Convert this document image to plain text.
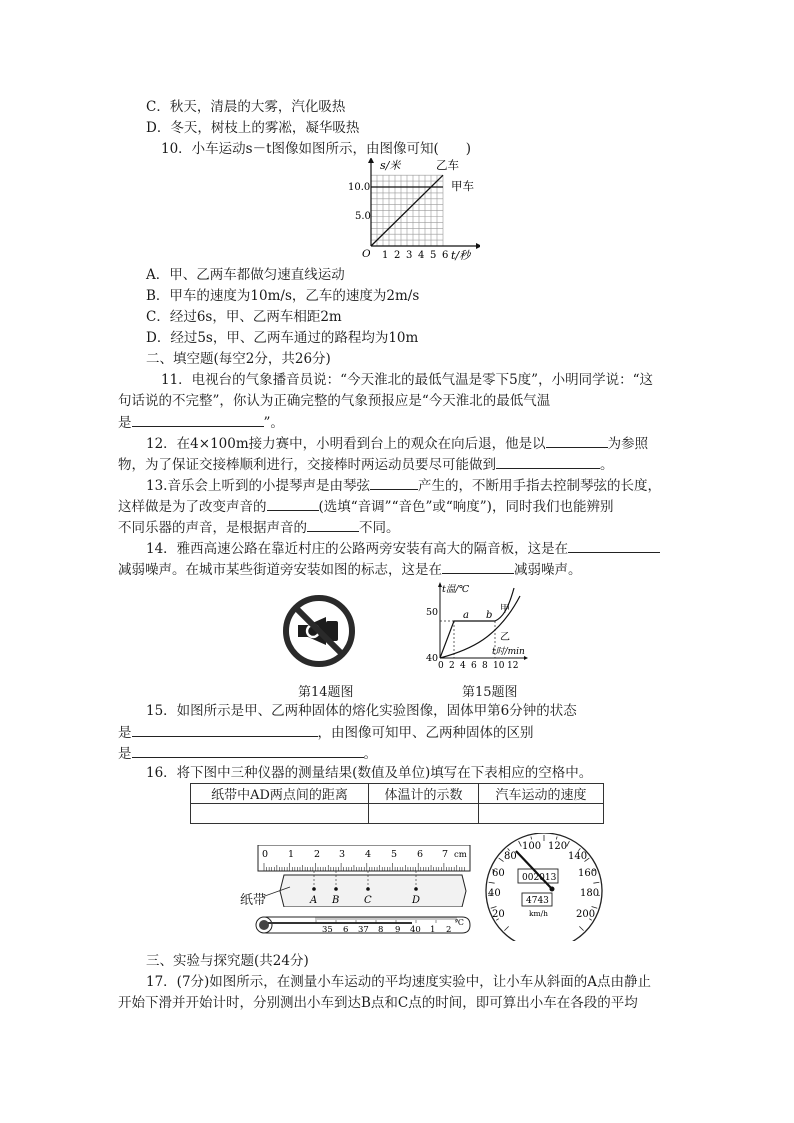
C．秋天，清晨的大雾，汽化吸热
D．冬天，树枝上的雾凇，凝华吸热
10．小车运动s－t图像如图所示，由图像可知(　　)
s/米	乙车
甲车
10.0
5.0
O 1 2 3 4 5 6 t/秒
A．甲、乙两车都做匀速直线运动
B．甲车的速度为10m/s，乙车的速度为2m/s
C．经过6s，甲、乙两车相距2m
D．经过5s，甲、乙两车通过的路程均为10m
二、填空题(每空2分，共26分)
11．电视台的气象播音员说：“今天淮北的最低气温是零下5度”，小明同学说：“这
句话说的不完整”，你认为正确完整的气象预报应是“今天淮北的最低气温
是	”。
12．在4×100m接力赛中，小明看到台上的观众在向后退，他是以	为参照
物，为了保证交接棒顺利进行，交接棒时两运动员要尽可能做到	。
13.音乐会上听到的小提琴声是由琴弦	产生的，不断用手指去控制琴弦的长度，
这样做是为了改变声音的	(选填“音调”“音色”或“响度”)，同时我们也能辨别
不同乐器的声音，是根据声音的	不同。
14．雅西高速公路在靠近村庄的公路两旁安装有高大的隔音板，这是在
减弱噪声。在城市某些街道旁安装如图的标志，这是在	减弱噪声。
t温/℃
50
40
a b
甲
乙
t时/min
0 2 4 6 8 10 12
第14题图	第15题图
15．如图所示是甲、乙两种固体的熔化实验图像，固体甲第6分钟的状态
是	，由图像可知甲、乙两种固体的区别
是	。
16．将下图中三种仪器的测量结果(数值及单位)填写在下表相应的空格中。
纸带中AD两点间的距离	体温计的示数	汽车运动的速度

0 1 2 3 4 5 6 7 cm
A B C	D
纸带
35 6 37 8 9 40 1 2
℃
20
40
60
80
100 120
140
160
180
200
002013
4743
km/h
三、实验与探究题(共24分)
17．(7分)如图所示，在测量小车运动的平均速度实验中，让小车从斜面的A点由静止
开始下滑并开始计时，分别测出小车到达B点和C点的时间，即可算出小车在各段的平均
